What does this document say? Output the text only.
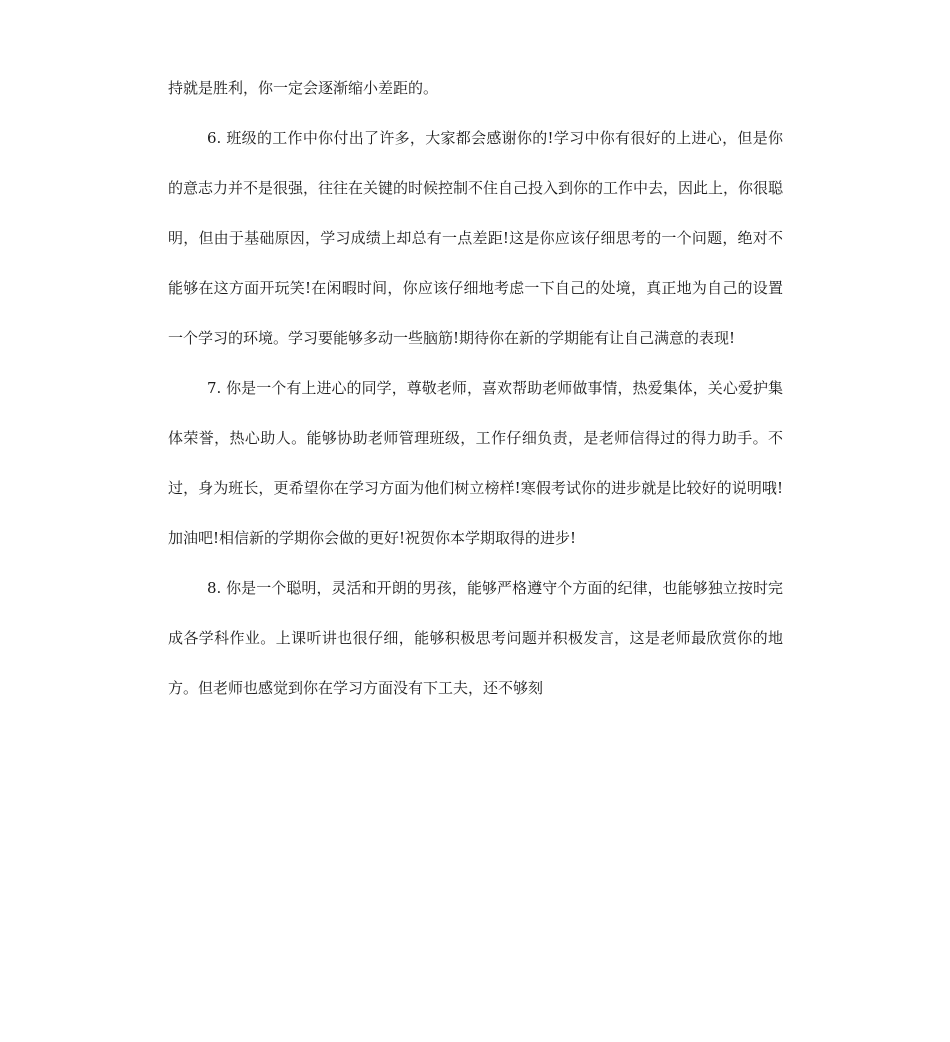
持就是胜利，你一定会逐渐缩小差距的。

6. 班级的工作中你付出了许多，大家都会感谢你的!学习中你有很好的上进心，但是你的意志力并不是很强，往往在关键的时候控制不住自己投入到你的工作中去，因此上，你很聪明，但由于基础原因，学习成绩上却总有一点差距!这是你应该仔细思考的一个问题，绝对不能够在这方面开玩笑!在闲暇时间，你应该仔细地考虑一下自己的处境，真正地为自己的设置一个学习的环境。学习要能够多动一些脑筋!期待你在新的学期能有让自己满意的表现!

7. 你是一个有上进心的同学，尊敬老师，喜欢帮助老师做事情，热爱集体，关心爱护集体荣誉，热心助人。能够协助老师管理班级，工作仔细负责，是老师信得过的得力助手。不过，身为班长，更希望你在学习方面为他们树立榜样!寒假考试你的进步就是比较好的说明哦!加油吧!相信新的学期你会做的更好!祝贺你本学期取得的进步!

8. 你是一个聪明，灵活和开朗的男孩，能够严格遵守个方面的纪律，也能够独立按时完成各学科作业。上课听讲也很仔细，能够积极思考问题并积极发言，这是老师最欣赏你的地方。但老师也感觉到你在学习方面没有下工夫，还不够刻
